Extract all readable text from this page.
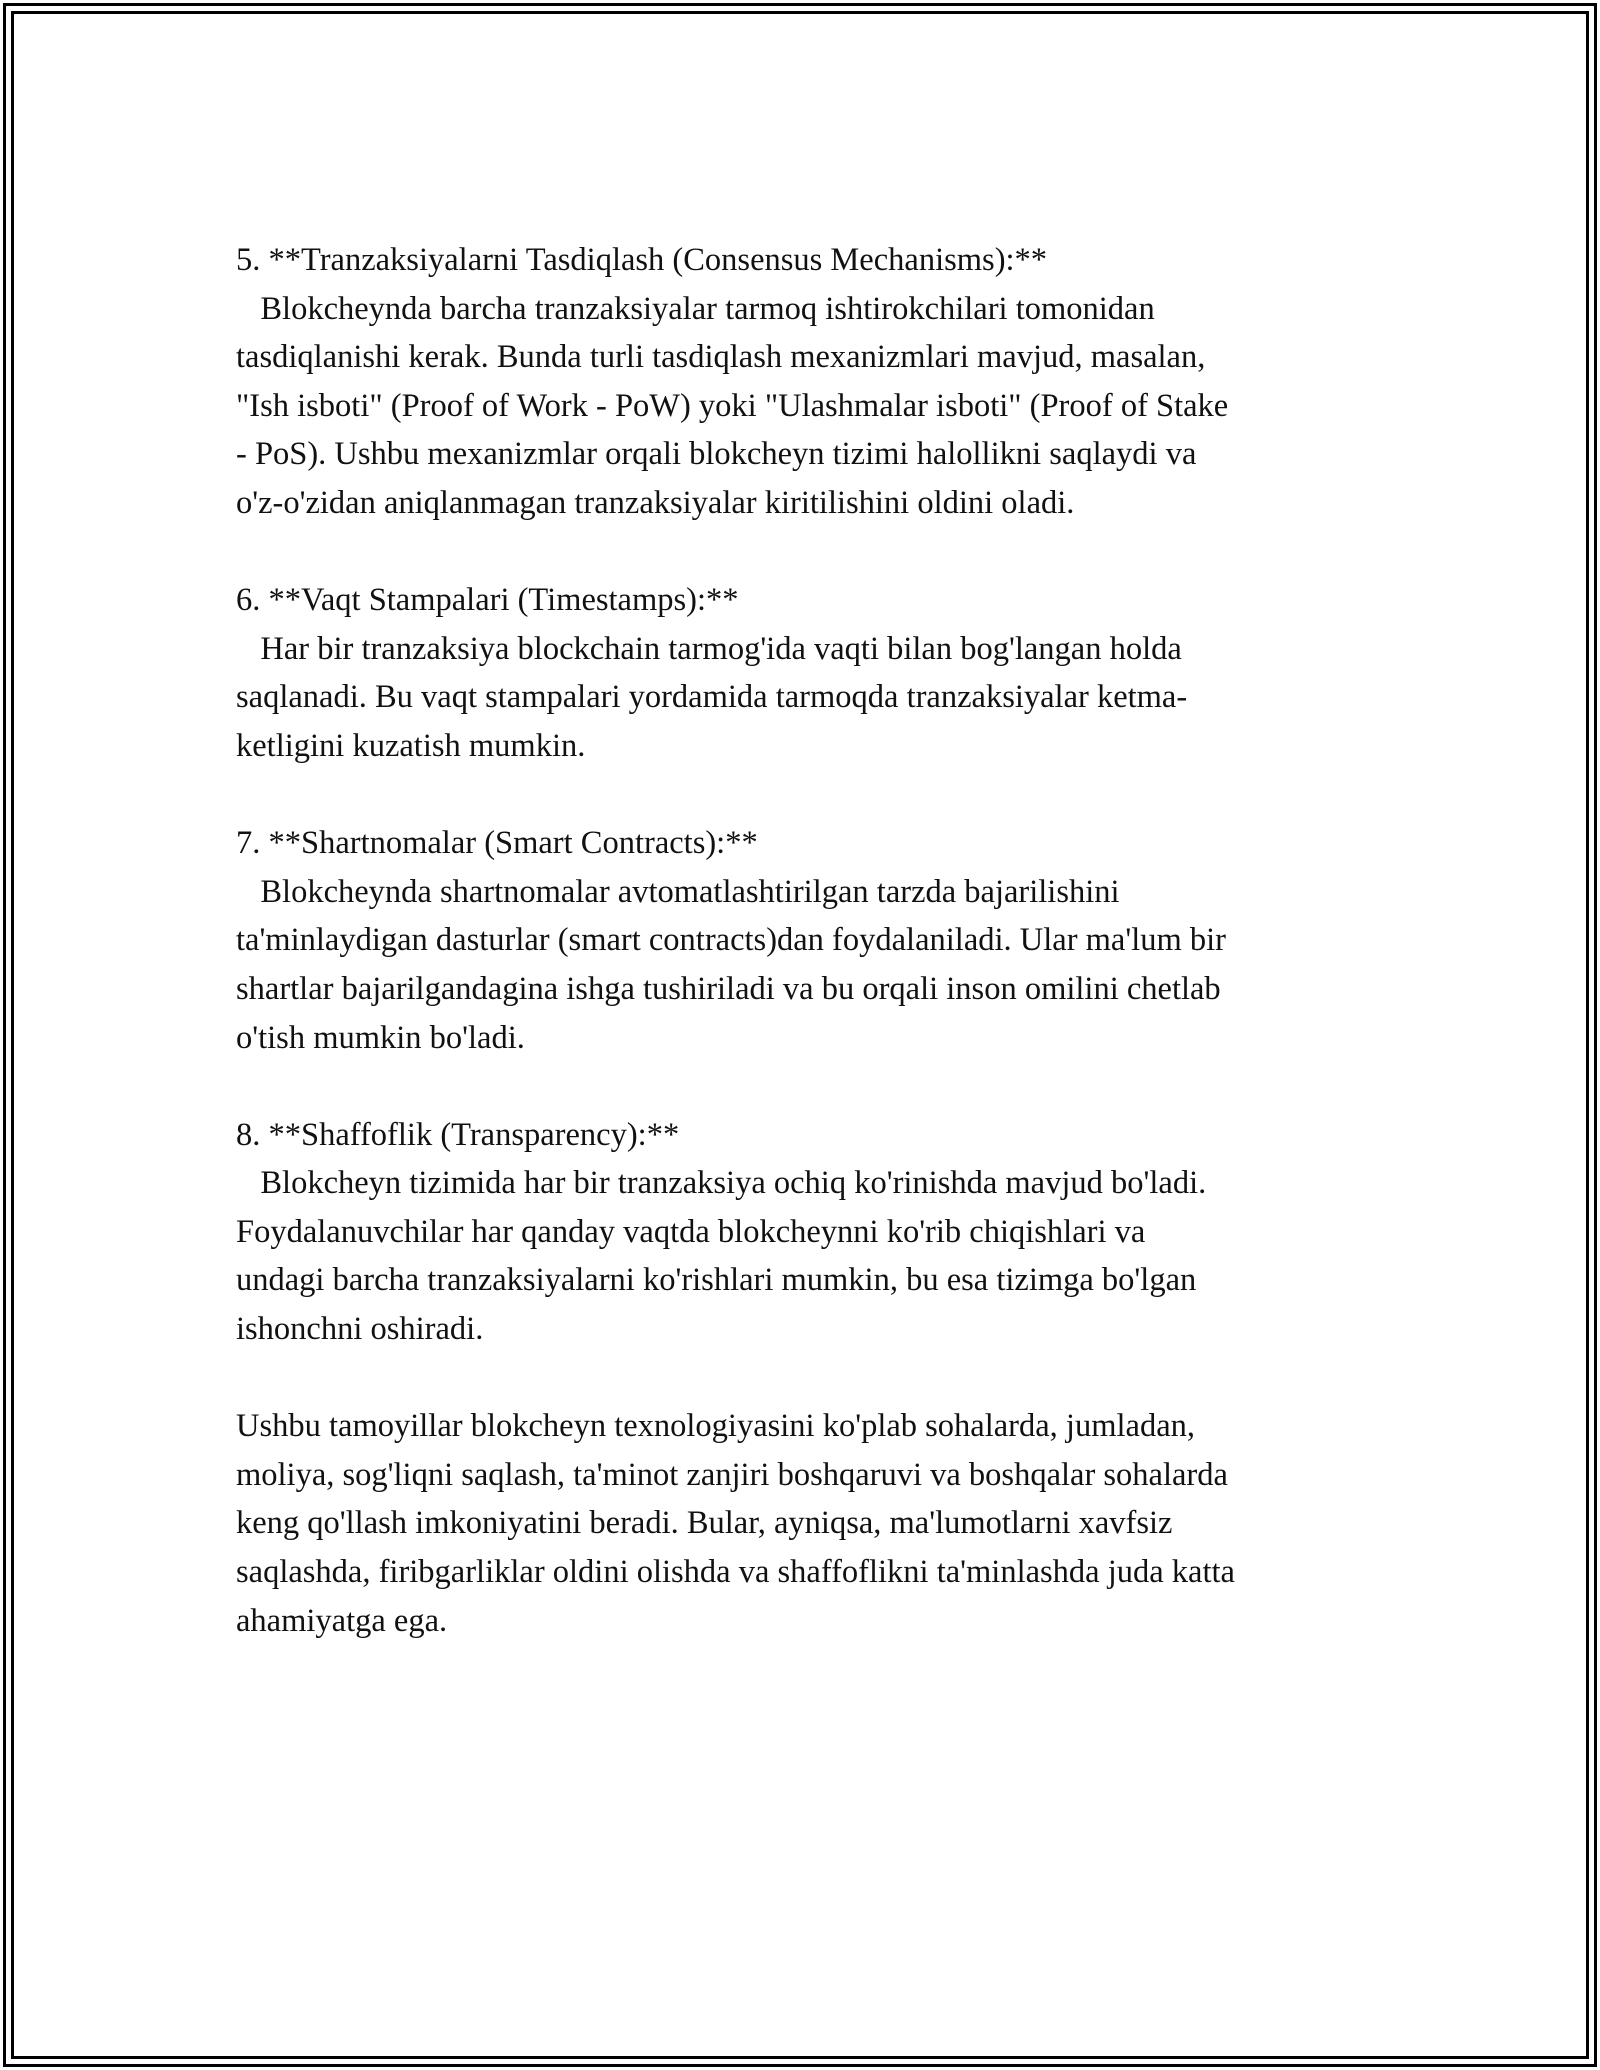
5. **Tranzaksiyalarni Tasdiqlash (Consensus Mechanisms):**
Blokcheynda barcha tranzaksiyalar tarmoq ishtirokchilari tomonidan
tasdiqlanishi kerak. Bunda turli tasdiqlash mexanizmlari mavjud, masalan,
"Ish isboti" (Proof of Work - PoW) yoki "Ulashmalar isboti" (Proof of Stake
- PoS). Ushbu mexanizmlar orqali blokcheyn tizimi halollikni saqlaydi va
o'z-o'zidan aniqlanmagan tranzaksiyalar kiritilishini oldini oladi.
6. **Vaqt Stampalari (Timestamps):**
Har bir tranzaksiya blockchain tarmog'ida vaqti bilan bog'langan holda
saqlanadi. Bu vaqt stampalari yordamida tarmoqda tranzaksiyalar ketma-
ketligini kuzatish mumkin.
7. **Shartnomalar (Smart Contracts):**
Blokcheynda shartnomalar avtomatlashtirilgan tarzda bajarilishini
ta'minlaydigan dasturlar (smart contracts)dan foydalaniladi. Ular ma'lum bir
shartlar bajarilgandagina ishga tushiriladi va bu orqali inson omilini chetlab
o'tish mumkin bo'ladi.
8. **Shaffoflik (Transparency):**
Blokcheyn tizimida har bir tranzaksiya ochiq ko'rinishda mavjud bo'ladi.
Foydalanuvchilar har qanday vaqtda blokcheynni ko'rib chiqishlari va
undagi barcha tranzaksiyalarni ko'rishlari mumkin, bu esa tizimga bo'lgan
ishonchni oshiradi.
Ushbu tamoyillar blokcheyn texnologiyasini ko'plab sohalarda, jumladan,
moliya, sog'liqni saqlash, ta'minot zanjiri boshqaruvi va boshqalar sohalarda
keng qo'llash imkoniyatini beradi. Bular, ayniqsa, ma'lumotlarni xavfsiz
saqlashda, firibgarliklar oldini olishda va shaffoflikni ta'minlashda juda katta
ahamiyatga ega.
